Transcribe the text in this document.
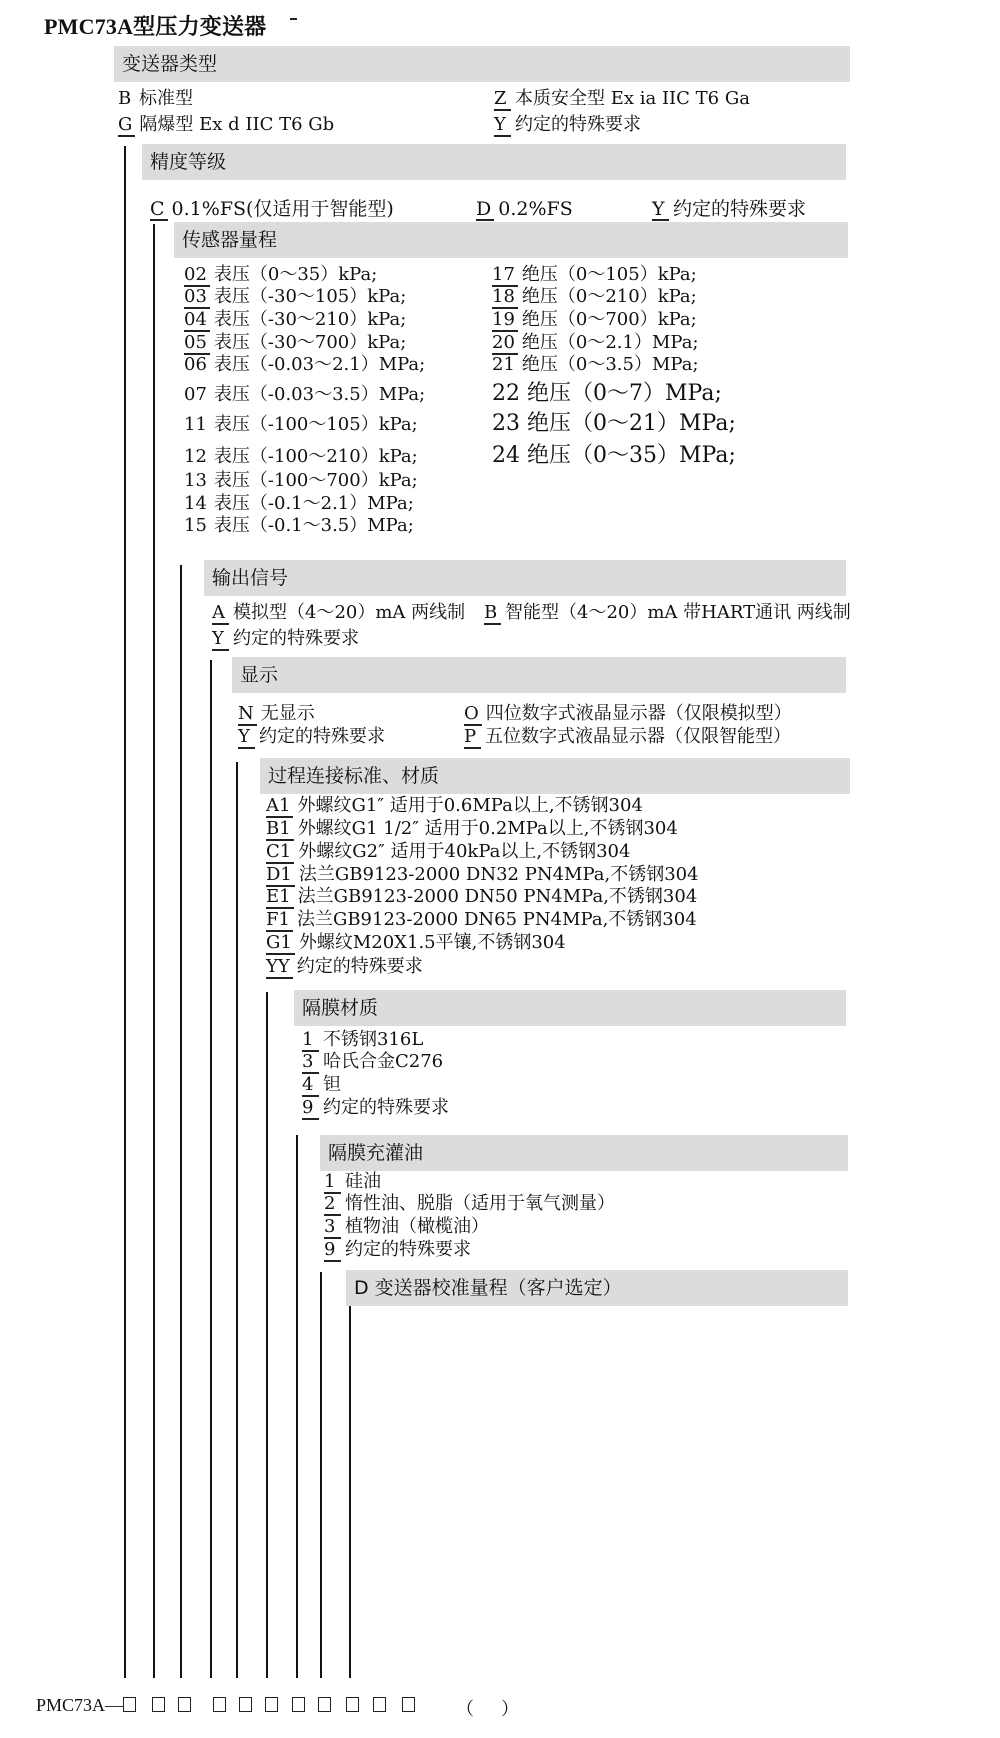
PMC73A型压力变送器
变送器类型
B 标准型
G 隔爆型 Ex d IIC T6 Gb
Z 本质安全型 Ex ia IIC T6 Ga
Y 约定的特殊要求
精度等级
C 0.1%FS(仅适用于智能型)	D 0.2%FS	Y 约定的特殊要求
传感器量程
02 表压（0～35）kPa;
03 表压（-30～105）kPa;
04 表压（-30～210）kPa;
05 表压（-30～700）kPa;
06 表压（-0.03～2.1）MPa;
07 表压（-0.03～3.5）MPa;
11 表压（-100～105）kPa;
12 表压（-100～210）kPa;
13 表压（-100～700）kPa;
14 表压（-0.1～2.1）MPa;
15 表压（-0.1～3.5）MPa;
17 绝压（0～105）kPa;
18 绝压（0～210）kPa;
19 绝压（0～700）kPa;
20 绝压（0～2.1）MPa;
21 绝压（0～3.5）MPa;
22 绝压（0～7）MPa;
23 绝压（0～21）MPa;
24 绝压（0～35）MPa;
输出信号
A 模拟型（4～20）mA 两线制 B 智能型（4～20）mA 带HART通讯 两线制
Y 约定的特殊要求
显示
N 无显示	O 四位数字式液晶显示器（仅限模拟型）
Y 约定的特殊要求	P 五位数字式液晶显示器（仅限智能型）
过程连接标准、材质
A1 外螺纹G1″ 适用于0.6MPa以上,不锈钢304
B1 外螺纹G1 1/2″ 适用于0.2MPa以上,不锈钢304
C1 外螺纹G2″ 适用于40kPa以上,不锈钢304
D1 法兰GB9123-2000 DN32 PN4MPa,不锈钢304
E1 法兰GB9123-2000 DN50 PN4MPa,不锈钢304
F1 法兰GB9123-2000 DN65 PN4MPa,不锈钢304
G1 外螺纹M20X1.5平镶,不锈钢304
YY 约定的特殊要求
隔膜材质
1 不锈钢316L
3 哈氏合金C276
4 钽
9 约定的特殊要求
隔膜充灌油
1 硅油
2 惰性油、脱脂（适用于氧气测量）
3 植物油（橄榄油）
9 约定的特殊要求
D 变送器校准量程（客户选定）
PMC73A—	（      ）
